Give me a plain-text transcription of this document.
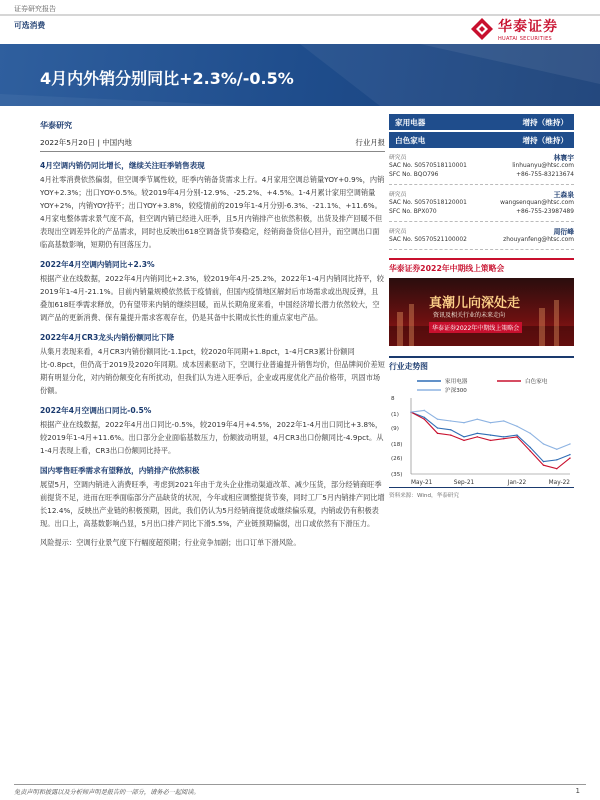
证券研究报告
可选消费	华泰证券
HUATAI SECURITIES
4月内外销分别同比+2.3%/-0.5%
华泰研究
2022年5月20日 | 中国内地	行业月报
4月空调内销仍同比增长，继续关注旺季销售表现
4月社零消费依然偏弱，但空调季节属性较，旺季内销备货需求上行。4月家用空调总销量YOY+0.9%，内销YOY+2.3%；出口YOY-0.5%。较2019年4月分别-12.9%、-25.2%、+4.5%。1-4月累计家用空调销量YOY+2%，内销YOY持平；出口YOY+3.8%，较疫情前的2019年1-4月分别-6.3%、-21.1%、+11.6%。4月家电整体需求景气度不高，但空调内销已经进入旺季，且5月内销排产也依然积极，出货及排产回暖不但表现出空调差异化的产品需求，同时也反映出618空调备货节奏稳定，经销商备货信心回升，而空调出口面临高基数影响，短期仍有回落压力。
2022年4月空调内销同比+2.3%
根据产业在线数据，2022年4月内销同比+2.3%，较2019年4月-25.2%，2022年1-4月内销同比持平，较2019年1-4月-21.1%。目前内销量规模依然低于疫情前，但国内疫情地区解封后市场需求或出现反弹，且叠加618旺季需求释放，仍有望带来内销的继续回暖，而从长期角度来看，中国经济增长潜力依然较大，空调产品的更新消费、保有量提升需求客观存在，仍是其备中长期成长性的重点家电产品。
2022年4月CR3龙头内销份额同比下降
从集月表现来看，4月CR3内销份额同比-1.1pct，较2020年同期+1.8pct，1-4月CR3累计份额同比-0.8pct，但仍高于2019及2020年同期。成本因素驱动下，空调行业普遍提升销售均价，但品牌间价差短期有明显分化，对内销份额变化有所扰动，但我们认为进入旺季后，企业或再度优化产品价格带，巩固市场份额。
2022年4月空调出口同比-0.5%
根据产业在线数据，2022年4月出口同比-0.5%，较2019年4月+4.5%，2022年1-4月出口同比+3.8%，较2019年1-4月+11.6%。出口部分企业面临基数压力，份额波动明显，4月CR3出口份额同比-4.9pct。从1-4月表现上看，CR3出口份额同比持平。
国内零售旺季需求有望释放，内销排产依然积极
展望5月，空调内销进入消费旺季，考虑到2021年由于龙头企业推动渠道改革、减少压货，部分经销商旺季前提货不足，进而在旺季面临部分产品缺货的状况，今年或相应调整提货节奏，同时工厂5月内销排产同比增长12.4%，反映出产业链的积极预期，因此，我们仍认为5月经销商提货或继续偏乐观，内销或仍有积极表现。出口上，高基数影响凸显，5月出口排产同比下滑5.5%，产业链预期偏弱，出口或依然有下滑压力。
风险提示：空调行业景气度下行幅度超预期；行业竞争加剧；出口订单下滑风险。
家用电器	增持（维持）
白色家电	增持（维持）
研究员	林寰宇
SAC No. S0570518110001	linhuanyu@htsc.com
SFC No. BQO796	+86-755-83213674
研究员	王森泉
SAC No. S0570518120001	wangsenquan@htsc.com
SFC No. BPX070	+86-755-23987489
研究员	周衍峰
SAC No. S0570521100002	zhouyanfeng@htsc.com
华泰证券2022年中期线上策略会
真潮儿向深处走
资讯及相关行业的未来走向
华泰证券2022年中期线上策略会
行业走势图
家用电器	白色家电
沪深300
8
(1)
(9)
(18)
(26)
(35)
May-21	Sep-21	Jan-22	May-22
资料来源：Wind，华泰研究
免责声明和披露以及分析师声明是报告的一部分，请务必一起阅读。	1
